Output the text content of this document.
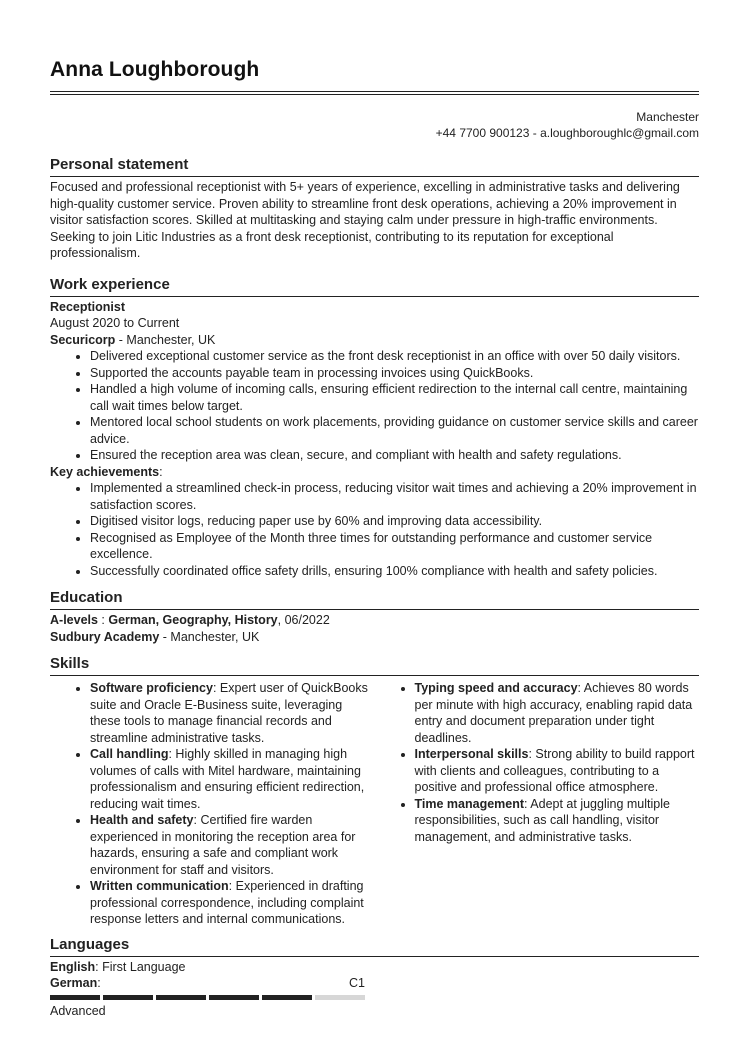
Anna Loughborough
Manchester
+44 7700 900123 - a.loughboroughlc@gmail.com
Personal statement

Focused and professional receptionist with 5+ years of experience, excelling in administrative tasks and delivering high-quality customer service. Proven ability to streamline front desk operations, achieving a 20% improvement in visitor satisfaction scores. Skilled at multitasking and staying calm under pressure in high-traffic environments. Seeking to join Litic Industries as a front desk receptionist, contributing to its reputation for exceptional professionalism.

Work experience
Receptionist
August 2020 to Current
Securicorp - Manchester, UK
• Delivered exceptional customer service as the front desk receptionist in an office with over 50 daily visitors.
• Supported the accounts payable team in processing invoices using QuickBooks.
• Handled a high volume of incoming calls, ensuring efficient redirection to the internal call centre, maintaining call wait times below target.
• Mentored local school students on work placements, providing guidance on customer service skills and career advice.
• Ensured the reception area was clean, secure, and compliant with health and safety regulations.
Key achievements:
• Implemented a streamlined check-in process, reducing visitor wait times and achieving a 20% improvement in satisfaction scores.
• Digitised visitor logs, reducing paper use by 60% and improving data accessibility.
• Recognised as Employee of the Month three times for outstanding performance and customer service excellence.
• Successfully coordinated office safety drills, ensuring 100% compliance with health and safety policies.
Education
A-levels : German, Geography, History, 06/2022
Sudbury Academy - Manchester, UK
Skills
• Software proficiency: Expert user of QuickBooks suite and Oracle E-Business suite, leveraging these tools to manage financial records and streamline administrative tasks.
• Call handling: Highly skilled in managing high volumes of calls with Mitel hardware, maintaining professionalism and ensuring efficient redirection, reducing wait times.
• Health and safety: Certified fire warden experienced in monitoring the reception area for hazards, ensuring a safe and compliant work environment for staff and visitors.
• Written communication: Experienced in drafting professional correspondence, including complaint response letters and internal communications.
• Typing speed and accuracy: Achieves 80 words per minute with high accuracy, enabling rapid data entry and document preparation under tight deadlines.
• Interpersonal skills: Strong ability to build rapport with clients and colleagues, contributing to a positive and professional office atmosphere.
• Time management: Adept at juggling multiple responsibilities, such as call handling, visitor management, and administrative tasks.
Languages
English: First Language
German:	C1
Advanced
